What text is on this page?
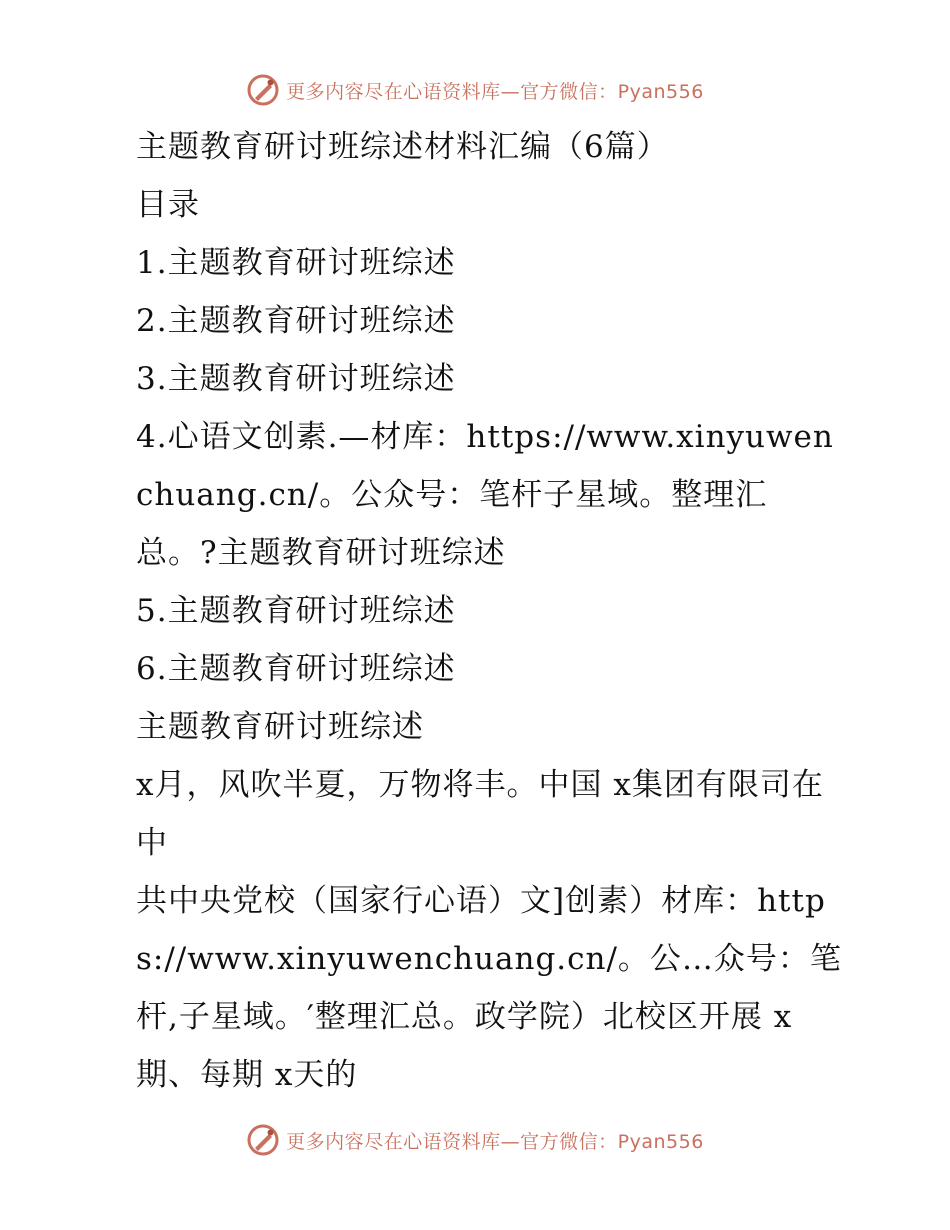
更多内容尽在心语资料库—官方微信：Pyan556
主题教育研讨班综述材料汇编（6篇）
目录
1.主题教育研讨班综述
2.主题教育研讨班综述
3.主题教育研讨班综述
4.心语文创素.—材库：https://www.xinyuwenchuang.cn/。公众号：笔杆子星域。整理汇总。?主题教育研讨班综述
5.主题教育研讨班综述
6.主题教育研讨班综述
主题教育研讨班综述
x月，风吹半夏，万物将丰。中国 x集团有限司在中
共中央党校（国家行心语）文]创素）材库：https://www.xinyuwenchuang.cn/。公…众号：笔杆,子星域。′整理汇总。政学院）北校区开展 x期、每期 x天的
更多内容尽在心语资料库—官方微信：Pyan556
